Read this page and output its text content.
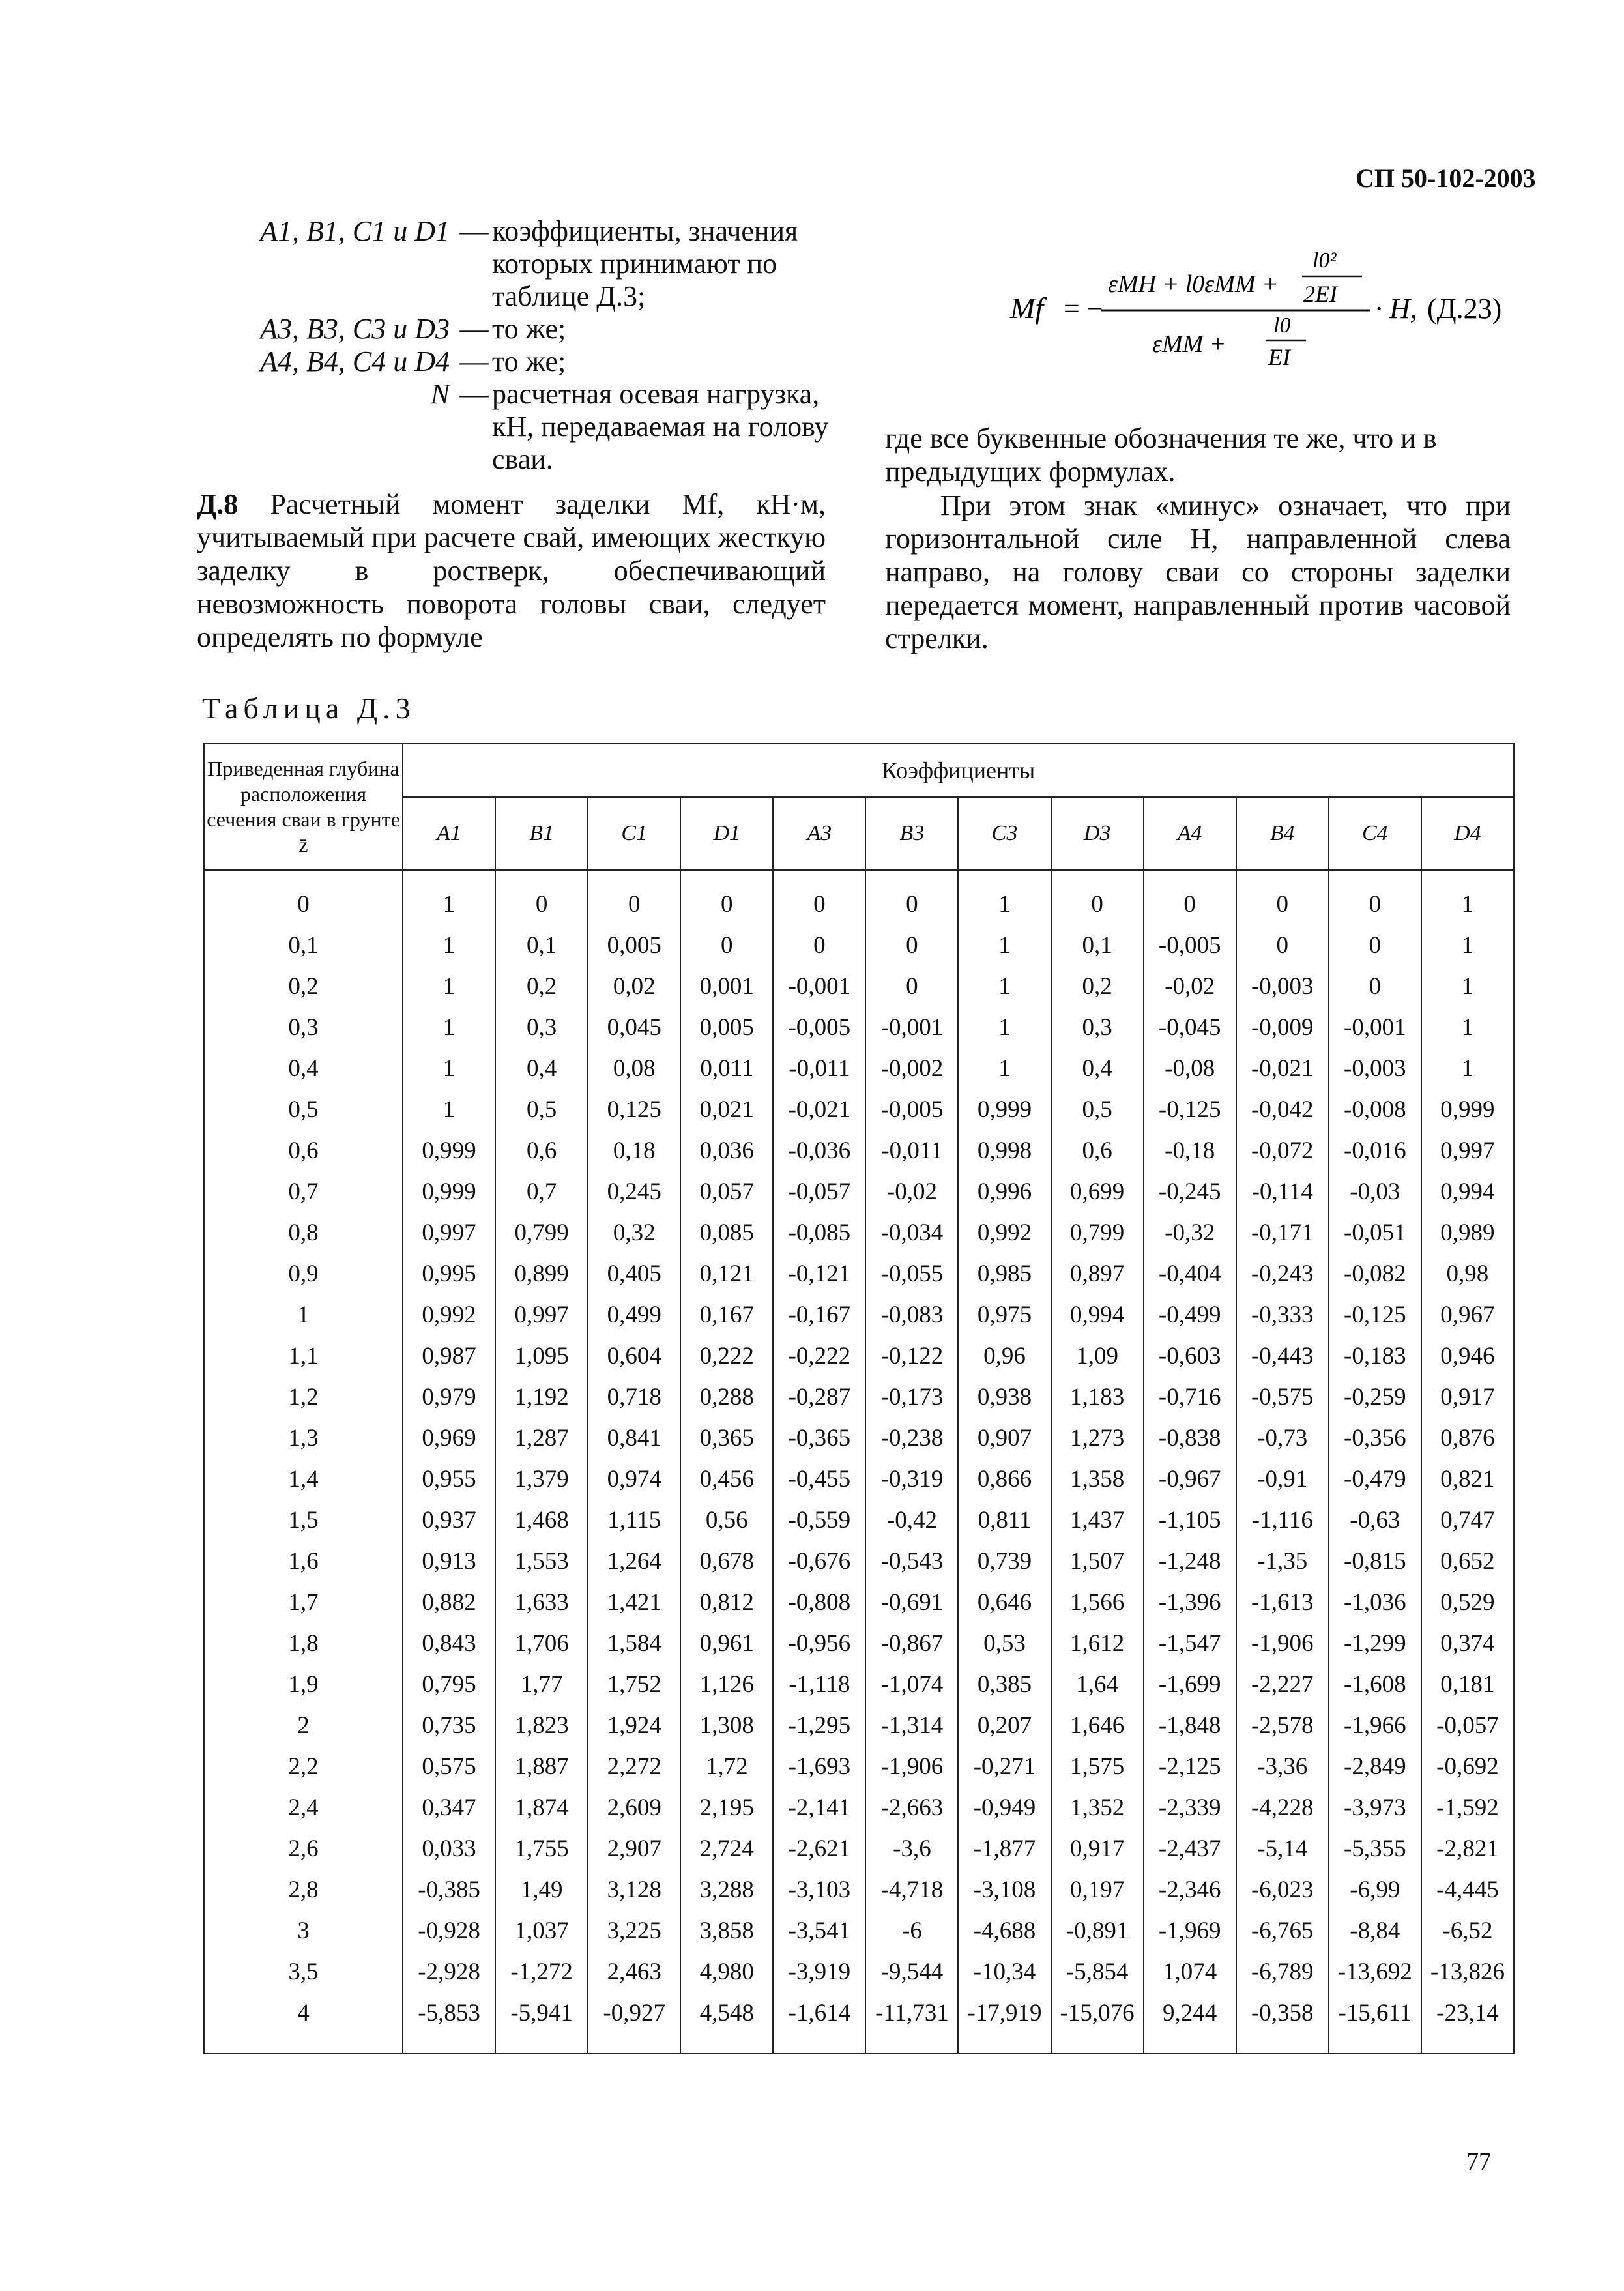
СП 50-102-2003
A1, B1, C1 и D1 — коэффициенты, значения которых принимают по таблице Д.3;
A3, B3, C3 и D3 — то же;
A4, B4, C4 и D4 — то же;
N — расчетная осевая нагрузка, кН, передаваемая на голову сваи.
Д.8 Расчетный момент заделки Mf, кН·м, учитываемый при расчете свай, имеющих жесткую заделку в ростверк, обеспечивающий невозможность поворота головы сваи, следует определять по формуле
Mf = −
εMH + l0εMM +
l0²
2EI
εMM +
l0
EI
· H, (Д.23)
где все буквенные обозначения те же, что и в предыдущих формулах.
При этом знак «минус» означает, что при горизонтальной силе H, направленной слева направо, на голову сваи со стороны заделки передается момент, направленный против часовой стрелки.
Таблица Д.3
Приведенная глубина расположения сечения сваи в грунте z̄	Коэффициенты											
	A1	B1	C1	D1	A3	B3	C3	D3	A4	B4	C4	D4
0	1	0	0	0	0	0	1	0	0	0	0	1
0,1	1	0,1	0,005	0	0	0	1	0,1	-0,005	0	0	1
0,2	1	0,2	0,02	0,001	-0,001	0	1	0,2	-0,02	-0,003	0	1
0,3	1	0,3	0,045	0,005	-0,005	-0,001	1	0,3	-0,045	-0,009	-0,001	1
0,4	1	0,4	0,08	0,011	-0,011	-0,002	1	0,4	-0,08	-0,021	-0,003	1
0,5	1	0,5	0,125	0,021	-0,021	-0,005	0,999	0,5	-0,125	-0,042	-0,008	0,999
0,6	0,999	0,6	0,18	0,036	-0,036	-0,011	0,998	0,6	-0,18	-0,072	-0,016	0,997
0,7	0,999	0,7	0,245	0,057	-0,057	-0,02	0,996	0,699	-0,245	-0,114	-0,03	0,994
0,8	0,997	0,799	0,32	0,085	-0,085	-0,034	0,992	0,799	-0,32	-0,171	-0,051	0,989
0,9	0,995	0,899	0,405	0,121	-0,121	-0,055	0,985	0,897	-0,404	-0,243	-0,082	0,98
1	0,992	0,997	0,499	0,167	-0,167	-0,083	0,975	0,994	-0,499	-0,333	-0,125	0,967
1,1	0,987	1,095	0,604	0,222	-0,222	-0,122	0,96	1,09	-0,603	-0,443	-0,183	0,946
1,2	0,979	1,192	0,718	0,288	-0,287	-0,173	0,938	1,183	-0,716	-0,575	-0,259	0,917
1,3	0,969	1,287	0,841	0,365	-0,365	-0,238	0,907	1,273	-0,838	-0,73	-0,356	0,876
1,4	0,955	1,379	0,974	0,456	-0,455	-0,319	0,866	1,358	-0,967	-0,91	-0,479	0,821
1,5	0,937	1,468	1,115	0,56	-0,559	-0,42	0,811	1,437	-1,105	-1,116	-0,63	0,747
1,6	0,913	1,553	1,264	0,678	-0,676	-0,543	0,739	1,507	-1,248	-1,35	-0,815	0,652
1,7	0,882	1,633	1,421	0,812	-0,808	-0,691	0,646	1,566	-1,396	-1,613	-1,036	0,529
1,8	0,843	1,706	1,584	0,961	-0,956	-0,867	0,53	1,612	-1,547	-1,906	-1,299	0,374
1,9	0,795	1,77	1,752	1,126	-1,118	-1,074	0,385	1,64	-1,699	-2,227	-1,608	0,181
2	0,735	1,823	1,924	1,308	-1,295	-1,314	0,207	1,646	-1,848	-2,578	-1,966	-0,057
2,2	0,575	1,887	2,272	1,72	-1,693	-1,906	-0,271	1,575	-2,125	-3,36	-2,849	-0,692
2,4	0,347	1,874	2,609	2,195	-2,141	-2,663	-0,949	1,352	-2,339	-4,228	-3,973	-1,592
2,6	0,033	1,755	2,907	2,724	-2,621	-3,6	-1,877	0,917	-2,437	-5,14	-5,355	-2,821
2,8	-0,385	1,49	3,128	3,288	-3,103	-4,718	-3,108	0,197	-2,346	-6,023	-6,99	-4,445
3	-0,928	1,037	3,225	3,858	-3,541	-6	-4,688	-0,891	-1,969	-6,765	-8,84	-6,52
3,5	-2,928	-1,272	2,463	4,980	-3,919	-9,544	-10,34	-5,854	1,074	-6,789	-13,692	-13,826
4	-5,853	-5,941	-0,927	4,548	-1,614	-11,731	-17,919	-15,076	9,244	-0,358	-15,611	-23,14
77
